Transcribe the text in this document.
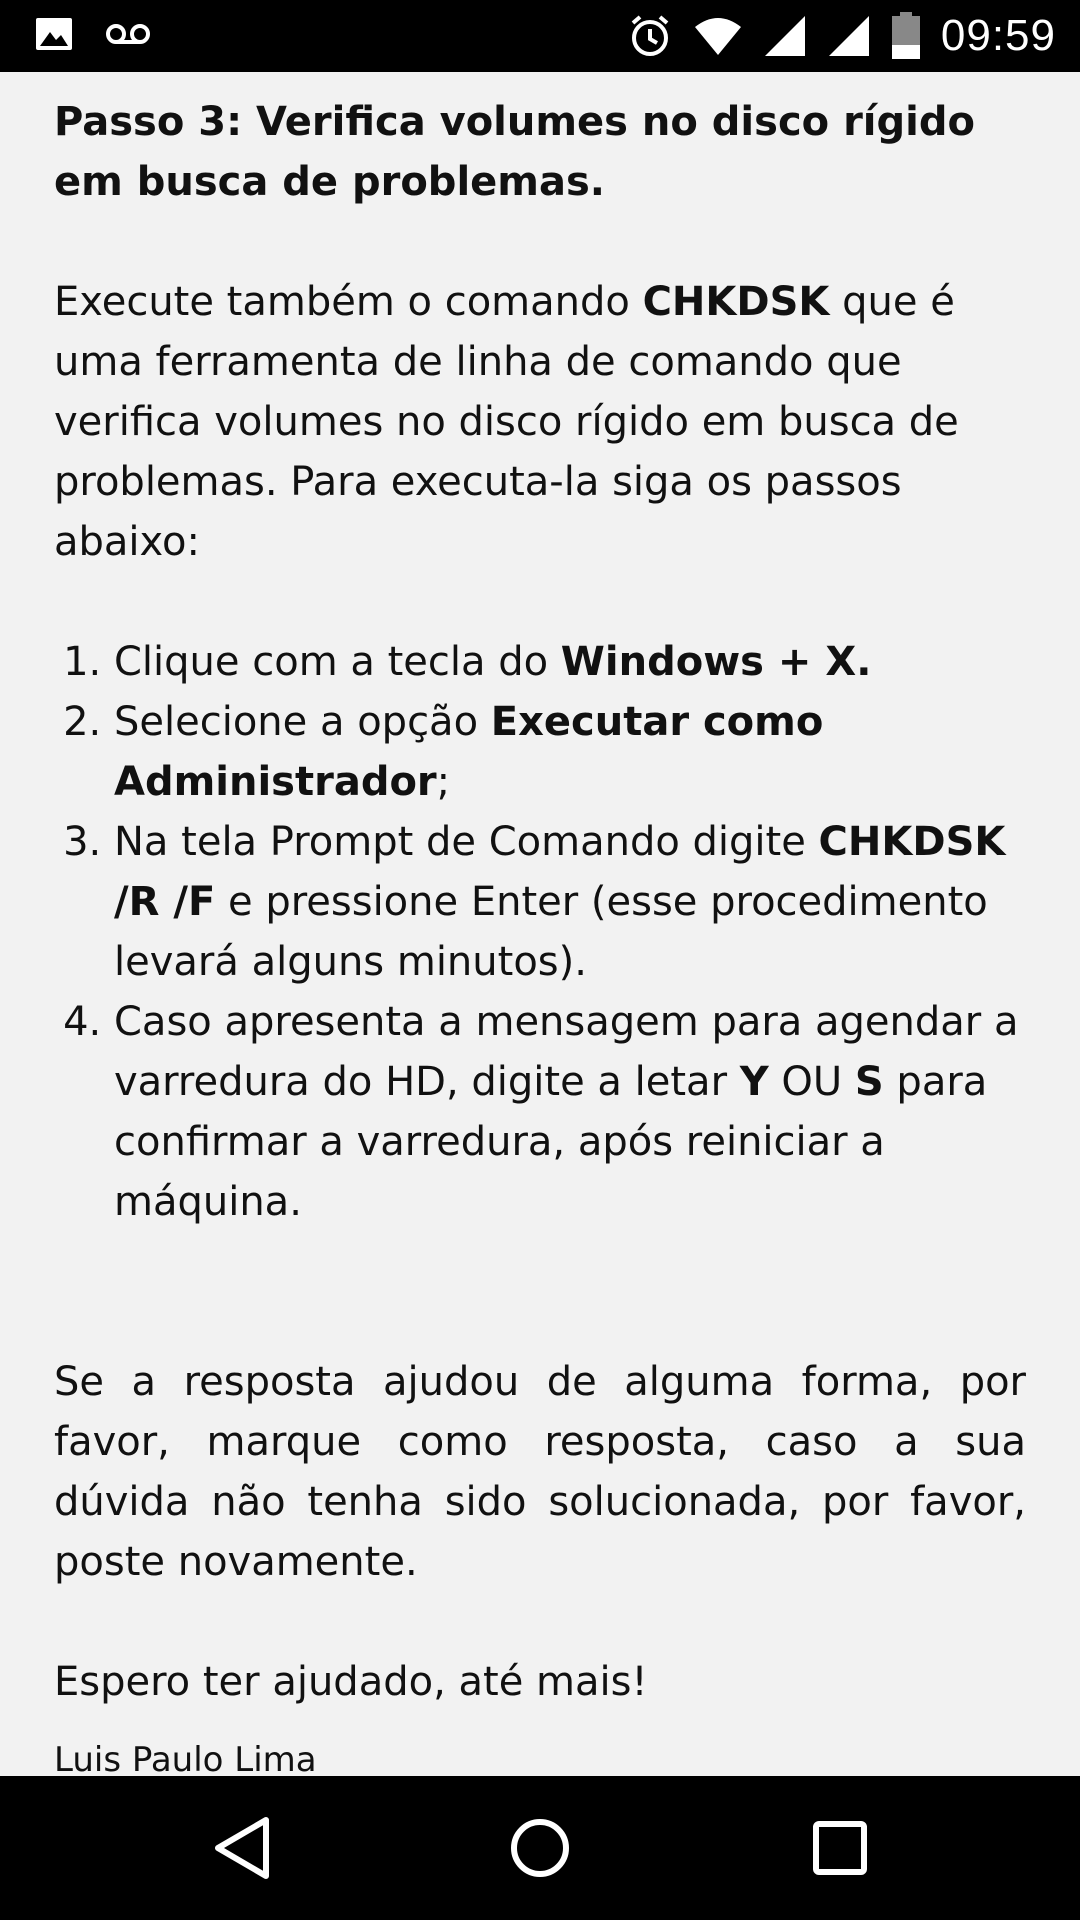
09:59

Passo 3: Verifica volumes no disco rígido em busca de problemas.

Execute também o comando CHKDSK que é uma ferramenta de linha de comando que verifica volumes no disco rígido em busca de problemas. Para executa-la siga os passos abaixo:

1. Clique com a tecla do Windows + X.
2. Selecione a opção Executar como Administrador;
3. Na tela Prompt de Comando digite CHKDSK /R /F e pressione Enter (esse procedimento levará alguns minutos).
4. Caso apresenta a mensagem para agendar a varredura do HD, digite a letar Y OU S para confirmar a varredura, após reiniciar a máquina.

Se a resposta ajudou de alguma forma, por favor, marque como resposta, caso a sua dúvida não tenha sido solucionada, por favor, poste novamente.

Espero ter ajudado, até mais!

Luis Paulo Lima
